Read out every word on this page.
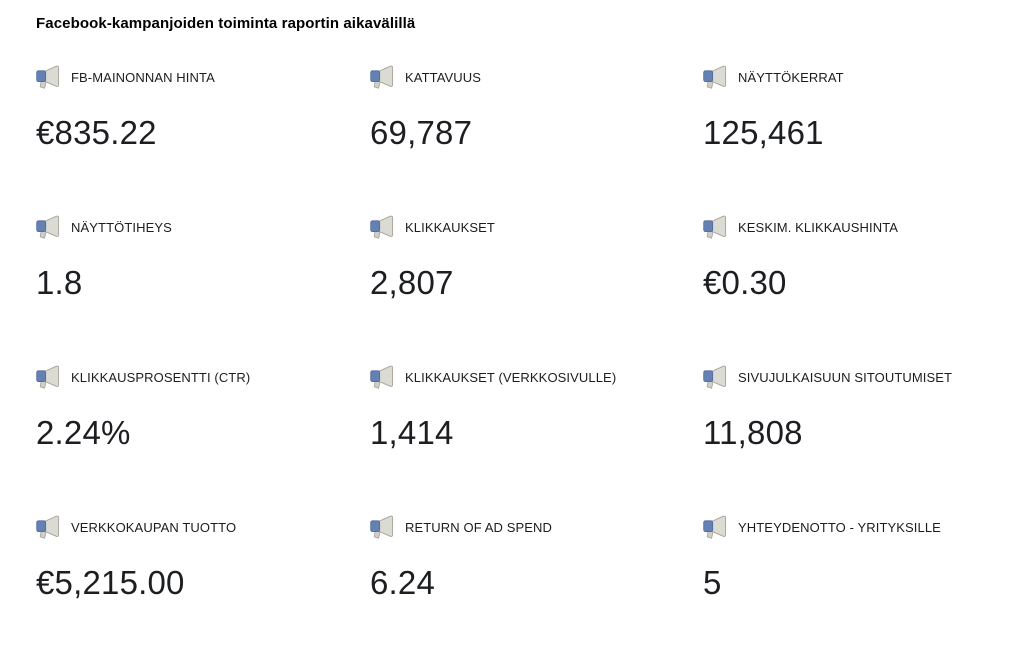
Facebook-kampanjoiden toiminta raportin aikavälillä
FB-MAINONNAN HINTA
€835.22
KATTAVUUS
69,787
NÄYTTÖKERRAT
125,461
NÄYTTÖTIHEYS
1.8
KLIKKAUKSET
2,807
KESKIM. KLIKKAUSHINTA
€0.30
KLIKKAUSPROSENTTI (CTR)
2.24%
KLIKKAUKSET (VERKKOSIVULLE)
1,414
SIVUJULKAISUUN SITOUTUMISET
11,808
VERKKOKAUPAN TUOTTO
€5,215.00
RETURN OF AD SPEND
6.24
YHTEYDENOTTO - YRITYKSILLE
5
